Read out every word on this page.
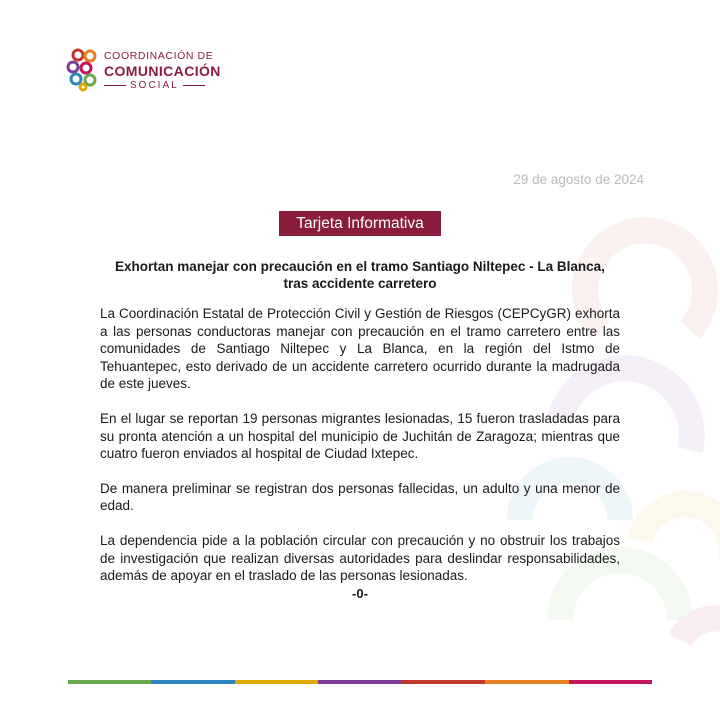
COORDINACIÓN DE
COMUNICACIÓN
SOCIAL
29 de agosto de 2024
Tarjeta Informativa
Exhortan manejar con precaución en el tramo Santiago Niltepec - La Blanca,
tras accidente carretero

La Coordinación Estatal de Protección Civil y Gestión de Riesgos (CEPCyGR) exhorta a las personas conductoras manejar con precaución en el tramo carretero entre las comunidades de Santiago Niltepec y La Blanca, en la región del Istmo de Tehuantepec, esto derivado de un accidente carretero ocurrido durante la madrugada de este jueves.

En el lugar se reportan 19 personas migrantes lesionadas, 15 fueron trasladadas para su pronta atención a un hospital del municipio de Juchitán de Zaragoza; mientras que cuatro fueron enviados al hospital de Ciudad Ixtepec.

De manera preliminar se registran dos personas fallecidas, un adulto y una menor de edad.

La dependencia pide a la población circular con precaución y no obstruir los trabajos de investigación que realizan diversas autoridades para deslindar responsabilidades, además de apoyar en el traslado de las personas lesionadas.

-0-
